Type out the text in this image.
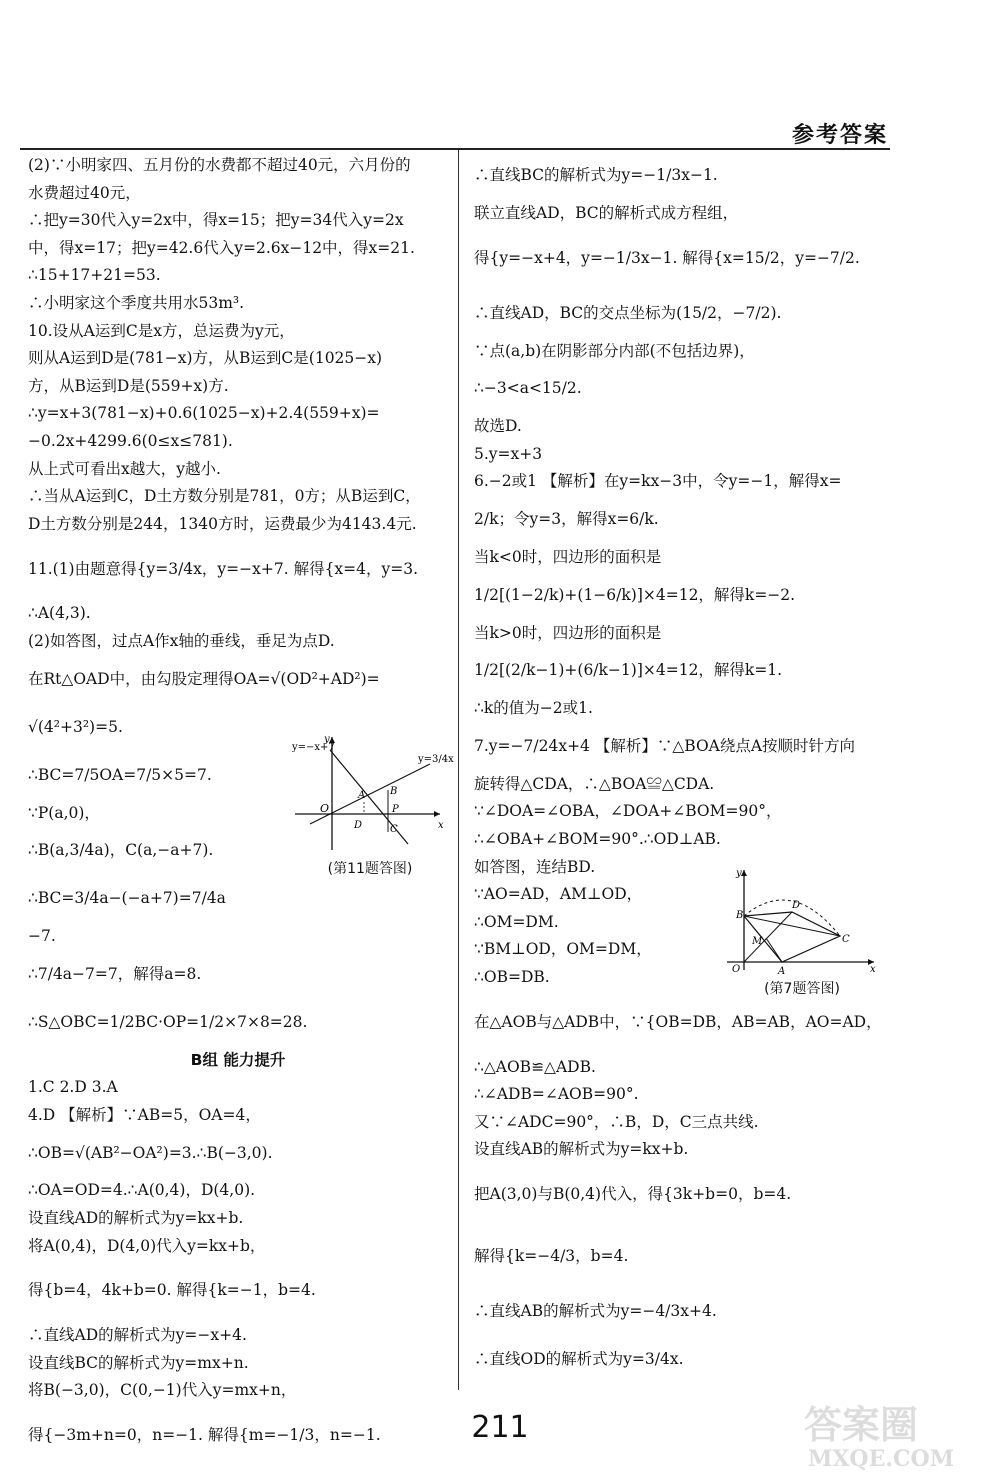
参考答案
(2)∵小明家四、五月份的水费都不超过40元，六月份的
水费超过40元，
∴把y=30代入y=2x中，得x=15；把y=34代入y=2x
中，得x=17；把y=42.6代入y=2.6x−12中，得x=21.
∴15+17+21=53.
∴小明家这个季度共用水53m³.
10.设从A运到C是x方，总运费为y元，
则从A运到D是(781−x)方，从B运到C是(1025−x)
方，从B运到D是(559+x)方.
∴y=x+3(781−x)+0.6(1025−x)+2.4(559+x)=
−0.2x+4299.6(0≤x≤781).
从上式可看出x越大，y越小.
∴当从A运到C，D土方数分别是781，0方；从B运到C，
D土方数分别是244，1340方时，运费最少为4143.4元.
11.(1)由题意得{y=3/4x，y=−x+7. 解得{x=4，y=3.
∴A(4,3).
(2)如答图，过点A作x轴的垂线，垂足为点D.
在Rt△OAD中，由勾股定理得OA=√(OD²+AD²)=
√(4²+3²)=5.
∴BC=7/5OA=7/5×5=7.
∵P(a,0)，
∴B(a,3/4a)，C(a,−a+7).
∴BC=3/4a−(−a+7)=7/4a
−7.
∴7/4a−7=7，解得a=8.
∴S△OBC=1/2BC·OP=1/2×7×8=28.
B组 能力提升
1.C 2.D 3.A
4.D 【解析】∵AB=5，OA=4，
∴OB=√(AB²−OA²)=3.∴B(−3,0).
∴OA=OD=4.∴A(0,4)，D(4,0).
设直线AD的解析式为y=kx+b.
将A(0,4)，D(4,0)代入y=kx+b，
得{b=4，4k+b=0. 解得{k=−1，b=4.
∴直线AD的解析式为y=−x+4.
设直线BC的解析式为y=mx+n.
将B(−3,0)，C(0,−1)代入y=mx+n，
得{−3m+n=0，n=−1. 解得{m=−1/3，n=−1.
∴直线BC的解析式为y=−1/3x−1.
联立直线AD，BC的解析式成方程组，
得{y=−x+4，y=−1/3x−1. 解得{x=15/2，y=−7/2.
∴直线AD，BC的交点坐标为(15/2，−7/2).
∵点(a,b)在阴影部分内部(不包括边界)，
∴−3<a<15/2.
故选D.
5.y=x+3
6.−2或1 【解析】在y=kx−3中，令y=−1，解得x=
2/k；令y=3，解得x=6/k.
当k<0时，四边形的面积是
1/2[(1−2/k)+(1−6/k)]×4=12，解得k=−2.
当k>0时，四边形的面积是
1/2[(2/k−1)+(6/k−1)]×4=12，解得k=1.
∴k的值为−2或1.
7.y=−7/24x+4 【解析】∵△BOA绕点A按顺时针方向
旋转得△CDA，∴△BOA≌△CDA.
∵∠DOA=∠OBA，∠DOA+∠BOM=90°，
∴∠OBA+∠BOM=90°.∴OD⊥AB.
如答图，连结BD.
∵AO=AD，AM⊥OD，
∴OM=DM.
∵BM⊥OD，OM=DM，
∴OB=DB.
在△AOB与△ADB中，∵{OB=DB，AB=AB，AO=AD，
∴△AOB≌△ADB.
∴∠ADB=∠AOB=90°.
又∵∠ADC=90°，∴B，D，C三点共线.
设直线AB的解析式为y=kx+b.
把A(3,0)与B(0,4)代入，得{3k+b=0，b=4.
解得{k=−4/3，b=4.
∴直线AB的解析式为y=−4/3x+4.
∴直线OD的解析式为y=3/4x.
y=−x+7
y=3/4x
y
x
O
A B
C
D
P
(第11题答图)	y
x
O	A
B
C
D
M
(第7题答图)
211	答案圈
MXQE.COM
